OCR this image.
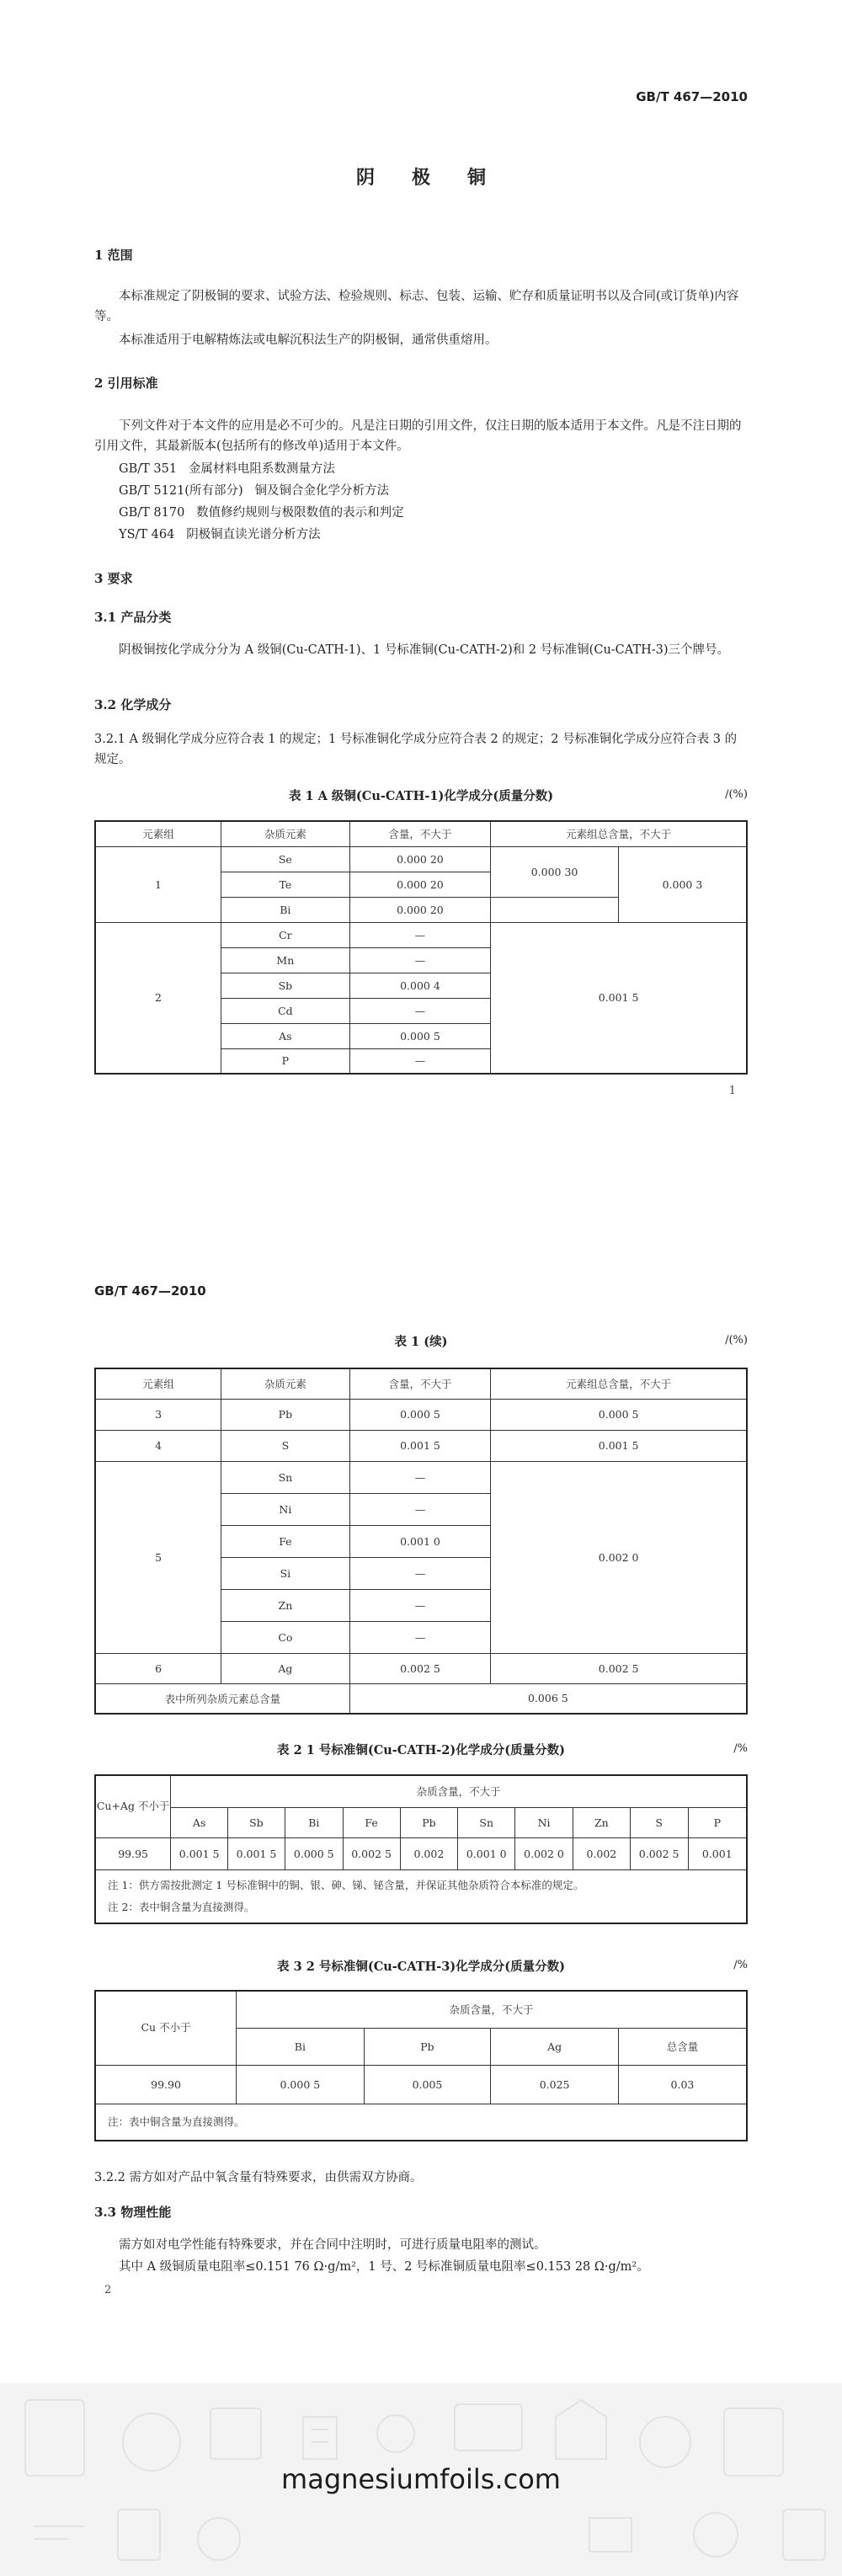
GB/T 467—2010
阴极铜
1 范围
本标准规定了阴极铜的要求、试验方法、检验规则、标志、包装、运输、贮存和质量证明书以及合同(或订货单)内容等。
本标准适用于电解精炼法或电解沉积法生产的阴极铜，通常供重熔用。
2 引用标准
下列文件对于本文件的应用是必不可少的。凡是注日期的引用文件，仅注日期的版本适用于本文件。凡是不注日期的引用文件，其最新版本(包括所有的修改单)适用于本文件。
GB/T 351 金属材料电阻系数测量方法
GB/T 5121(所有部分) 铜及铜合金化学分析方法
GB/T 8170 数值修约规则与极限数值的表示和判定
YS/T 464 阴极铜直读光谱分析方法
3 要求
3.1 产品分类
阴极铜按化学成分分为 A 级铜(Cu-CATH-1)、1 号标准铜(Cu-CATH-2)和 2 号标准铜(Cu-CATH-3)三个牌号。
3.2 化学成分
3.2.1 A 级铜化学成分应符合表 1 的规定；1 号标准铜化学成分应符合表 2 的规定；2 号标准铜化学成分应符合表 3 的规定。
表 1 A 级铜(Cu-CATH-1)化学成分(质量分数)	/(%)
元素组	杂质元素	含量，不大于	元素组总含量，不大于	
1	Se	0.000 20	0.000 30	0.000 3
	Te	0.000 20		
	Bi	0.000 20		
2	Cr	—	0.001 5	
	Mn	—		
	Sb	0.000 4		
	Cd	—		
	As	0.000 5		
	P	—		
1
GB/T 467—2010
表 1 (续)	/(%)
元素组	杂质元素	含量，不大于	元素组总含量，不大于
3	Pb	0.000 5	0.000 5
4	S	0.001 5	0.001 5
5	Sn	—	0.002 0
	Ni	—	
	Fe	0.001 0	
	Si	—	
	Zn	—	
	Co	—	
6	Ag	0.002 5	0.002 5
表中所列杂质元素总含量		0.006 5	
表 2 1 号标准铜(Cu-CATH-2)化学成分(质量分数)	/%
Cu+Ag 不小于	杂质含量，不大于									
	As	Sb	Bi	Fe	Pb	Sn	Ni	Zn	S	P
99.95	0.001 5	0.001 5	0.000 5	0.002 5	0.002	0.001 0	0.002 0	0.002	0.002 5	0.001

注 1：供方需按批测定 1 号标准铜中的铜、银、砷、锑、铋含量，并保证其他杂质符合本标准的规定。
注 2：表中铜含量为直接测得。										
表 3 2 号标准铜(Cu-CATH-3)化学成分(质量分数)	/%
Cu 不小于	杂质含量，不大于			
	Bi	Pb	Ag	总含量
99.90	0.000 5	0.005	0.025	0.03
注：表中铜含量为直接测得。				
3.2.2 需方如对产品中氧含量有特殊要求，由供需双方协商。
3.3 物理性能
需方如对电学性能有特殊要求，并在合同中注明时，可进行质量电阻率的测试。
其中 A 级铜质量电阻率≤0.151 76 Ω·g/m²，1 号、2 号标准铜质量电阻率≤0.153 28 Ω·g/m²。
2
magnesiumfoils.com
